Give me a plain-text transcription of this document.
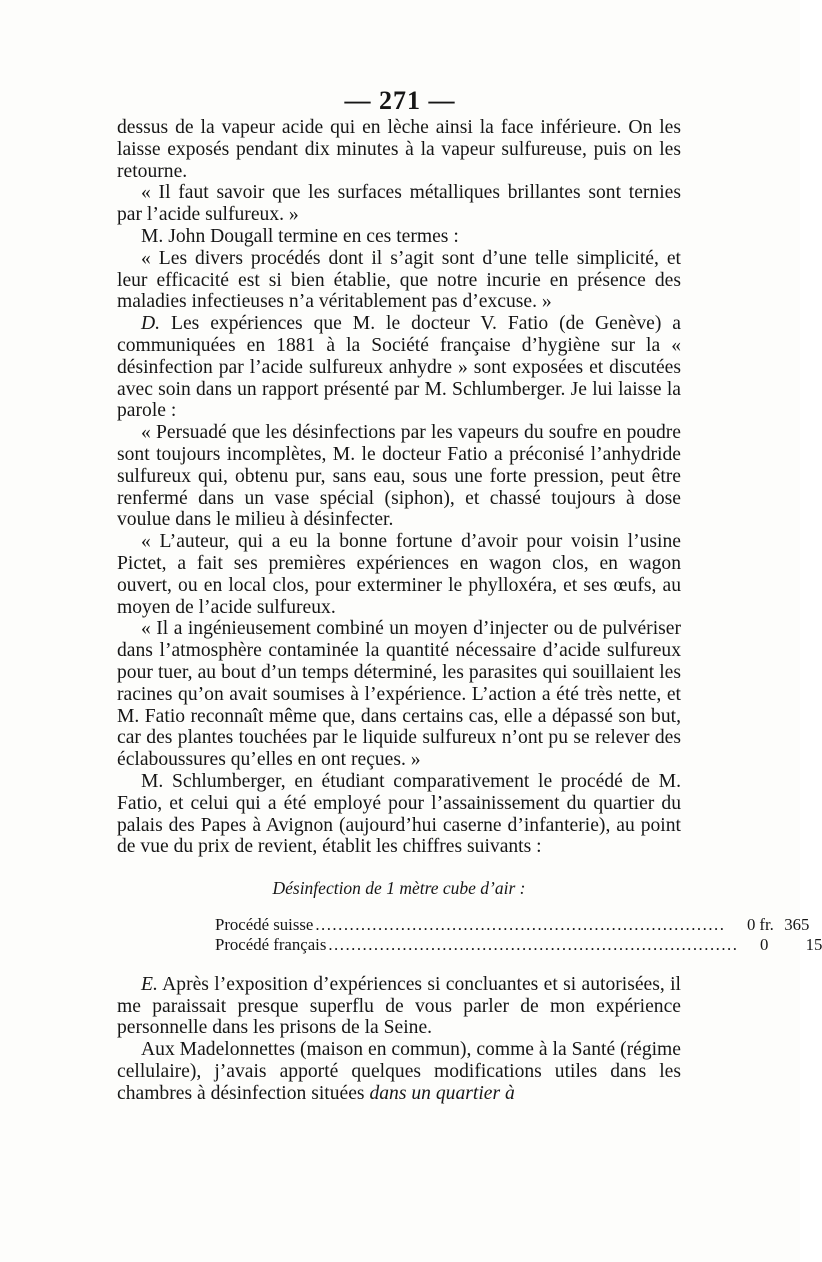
— 271 —

dessus de la vapeur acide qui en lèche ainsi la face inférieure. On les laisse exposés pendant dix minutes à la vapeur sulfureuse, puis on les retourne.

« Il faut savoir que les surfaces métalliques brillantes sont ternies par l’acide sulfureux. »

M. John Dougall termine en ces termes :

« Les divers procédés dont il s’agit sont d’une telle simplicité, et leur efficacité est si bien établie, que notre incurie en présence des maladies infectieuses n’a véritablement pas d’excuse. »

D. Les expériences que M. le docteur V. Fatio (de Genève) a communiquées en 1881 à la Société française d’hygiène sur la « désinfection par l’acide sulfureux anhydre » sont exposées et discutées avec soin dans un rapport présenté par M. Schlumberger. Je lui laisse la parole :

« Persuadé que les désinfections par les vapeurs du soufre en poudre sont toujours incomplètes, M. le docteur Fatio a préconisé l’anhydride sulfureux qui, obtenu pur, sans eau, sous une forte pression, peut être renfermé dans un vase spécial (siphon), et chassé toujours à dose voulue dans le milieu à désinfecter.

« L’auteur, qui a eu la bonne fortune d’avoir pour voisin l’usine Pictet, a fait ses premières expériences en wagon clos, en wagon ouvert, ou en local clos, pour exterminer le phylloxéra, et ses œufs, au moyen de l’acide sulfureux.

« Il a ingénieusement combiné un moyen d’injecter ou de pulvériser dans l’atmosphère contaminée la quantité nécessaire d’acide sulfureux pour tuer, au bout d’un temps déterminé, les parasites qui souillaient les racines qu’on avait soumises à l’expérience. L’action a été très nette, et M. Fatio reconnaît même que, dans certains cas, elle a dépassé son but, car des plantes touchées par le liquide sulfureux n’ont pu se relever des éclaboussures qu’elles en ont reçues. »

M. Schlumberger, en étudiant comparativement le procédé de M. Fatio, et celui qui a été employé pour l’assainissement du quartier du palais des Papes à Avignon (aujourd’hui caserne d’infanterie), au point de vue du prix de revient, établit les chiffres suivants :

Désinfection de 1 mètre cube d’air :

Procédé suisse ........................................................................	0 fr. 365
Procédé français ........................................................................	0	15

E. Après l’exposition d’expériences si concluantes et si autorisées, il me paraissait presque superflu de vous parler de mon expérience personnelle dans les prisons de la Seine.

Aux Madelonnettes (maison en commun), comme à la Santé (régime cellulaire), j’avais apporté quelques modifications utiles dans les chambres à désinfection situées dans un quartier à
